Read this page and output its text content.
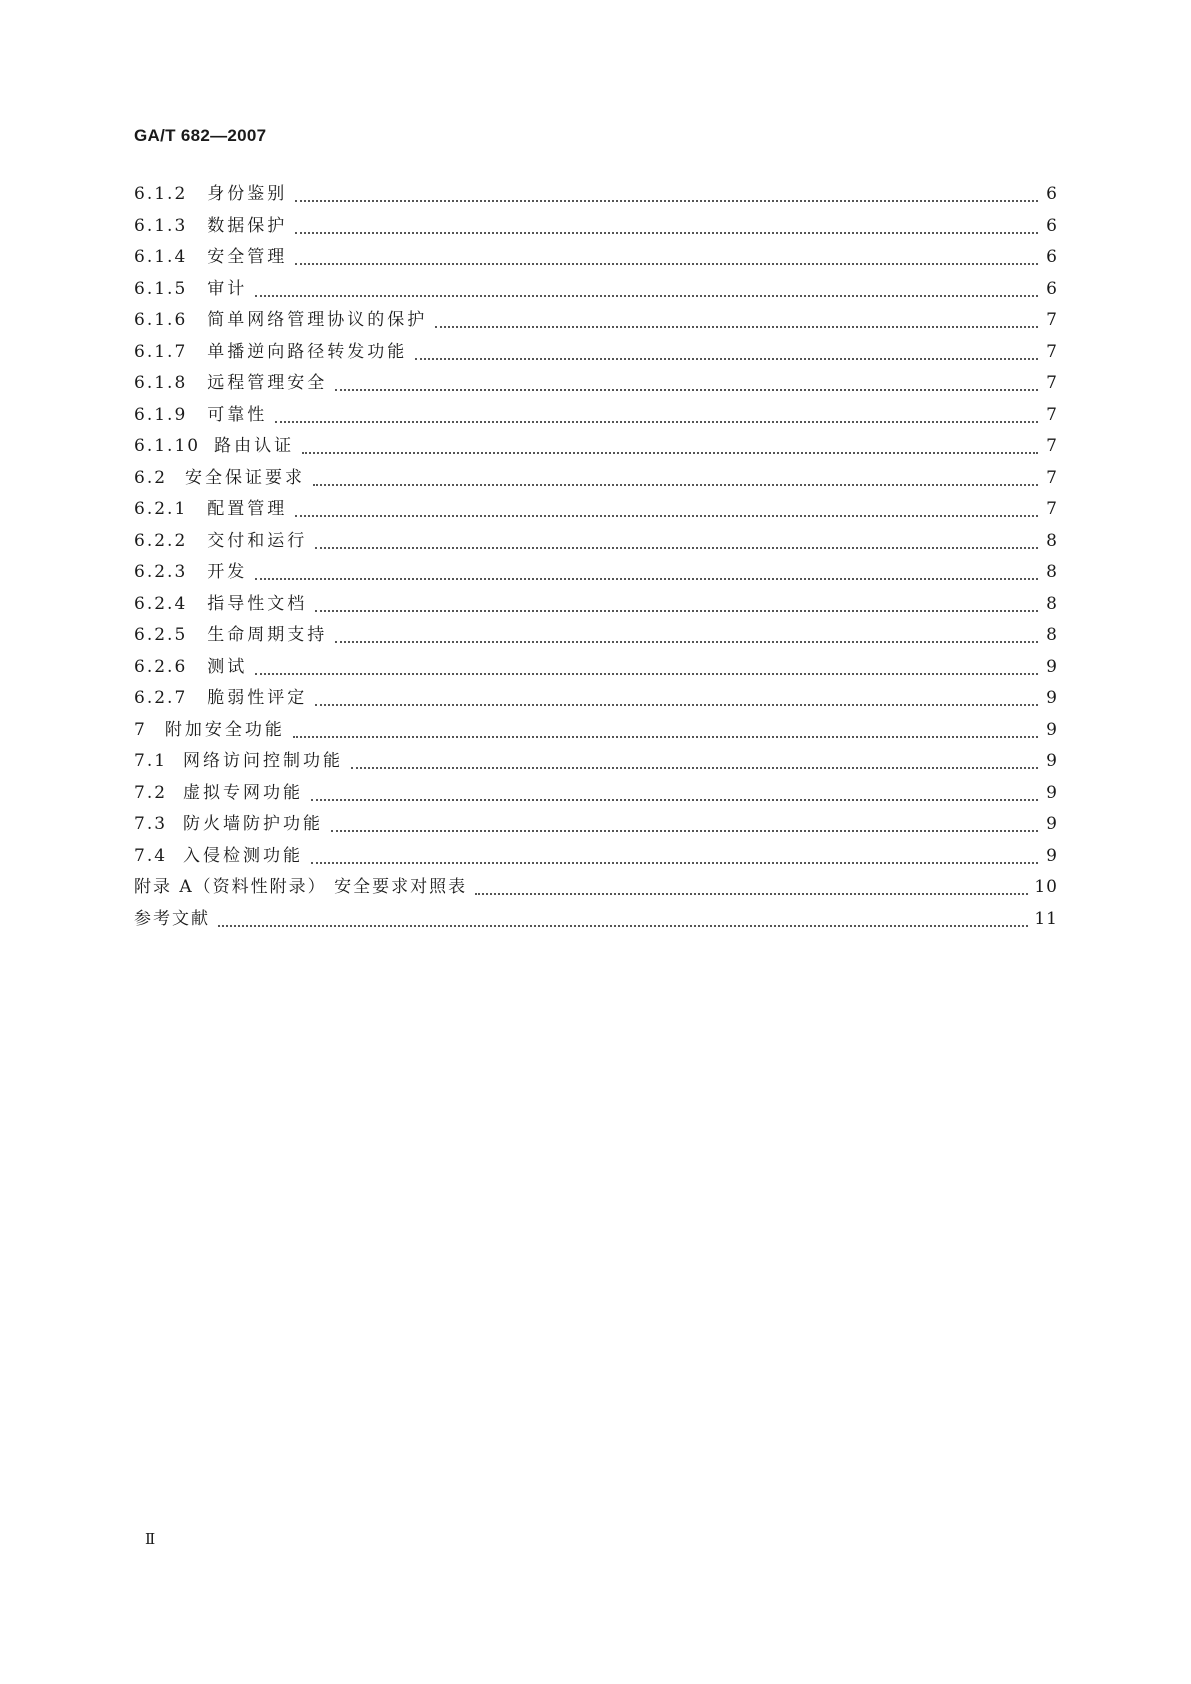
GA/T 682—2007
6.1.2 身份鉴别	6
6.1.3 数据保护	6
6.1.4 安全管理	6
6.1.5 审计	6
6.1.6 简单网络管理协议的保护	7
6.1.7 单播逆向路径转发功能	7
6.1.8 远程管理安全	7
6.1.9 可靠性	7
6.1.10 路由认证	7
6.2 安全保证要求	7
6.2.1 配置管理	7
6.2.2 交付和运行	8
6.2.3 开发	8
6.2.4 指导性文档	8
6.2.5 生命周期支持	8
6.2.6 测试	9
6.2.7 脆弱性评定	9
7 附加安全功能	9
7.1 网络访问控制功能	9
7.2 虚拟专网功能	9
7.3 防火墙防护功能	9
7.4 入侵检测功能	9
附录 A（资料性附录） 安全要求对照表	10
参考文献	11
Ⅱ
